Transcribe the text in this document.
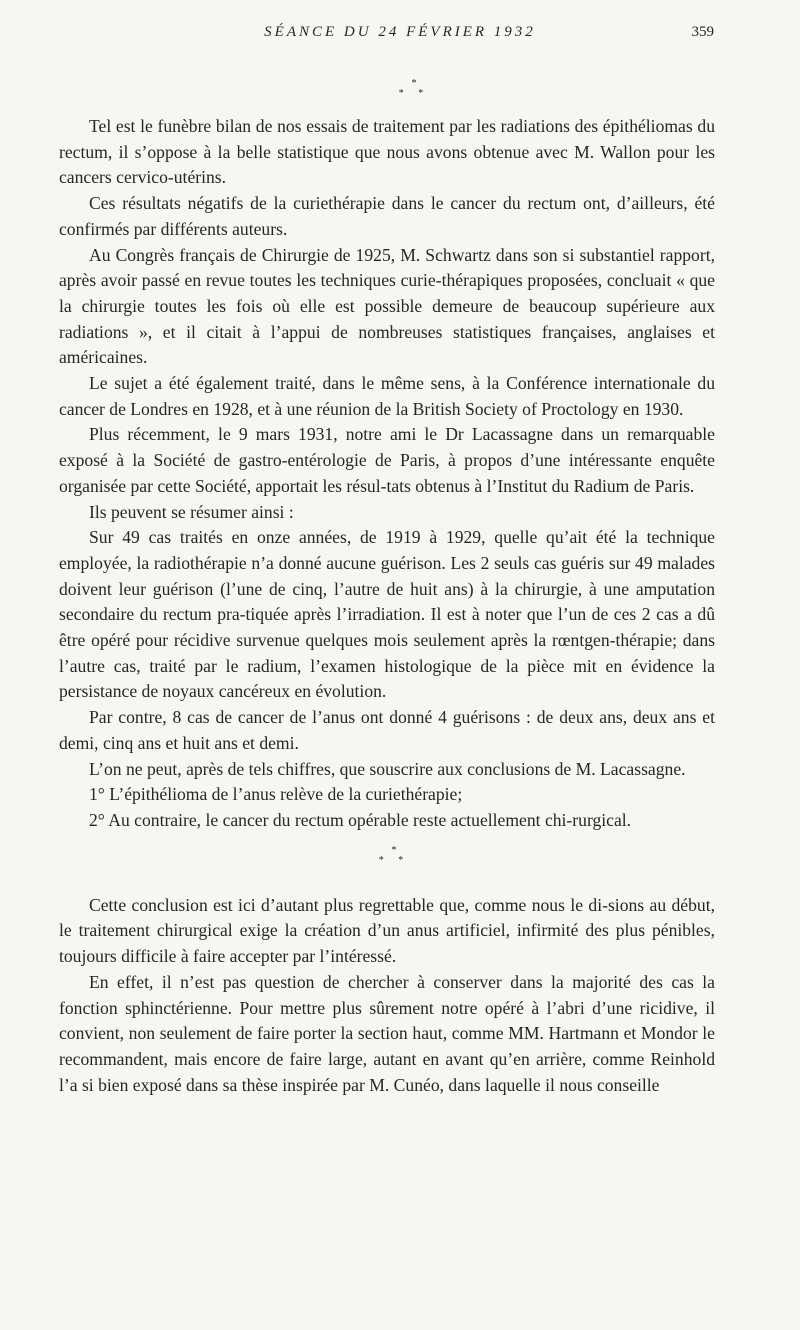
SÉANCE DU 24 FÉVRIER 1932	359
*
* *

Tel est le funèbre bilan de nos essais de traitement par les radiations des épithéliomas du rectum, il s’oppose à la belle statistique que nous avons obtenue avec M. Wallon pour les cancers cervico-utérins.

Ces résultats négatifs de la curiethérapie dans le cancer du rectum ont, d’ailleurs, été confirmés par différents auteurs.

Au Congrès français de Chirurgie de 1925, M. Schwartz dans son si substantiel rapport, après avoir passé en revue toutes les techniques curie-thérapiques proposées, concluait « que la chirurgie toutes les fois où elle est possible demeure de beaucoup supérieure aux radiations », et il citait à l’appui de nombreuses statistiques françaises, anglaises et américaines.

Le sujet a été également traité, dans le même sens, à la Conférence internationale du cancer de Londres en 1928, et à une réunion de la British Society of Proctology en 1930.

Plus récemment, le 9 mars 1931, notre ami le Dr Lacassagne dans un remarquable exposé à la Société de gastro-entérologie de Paris, à propos d’une intéressante enquête organisée par cette Société, apportait les résul-tats obtenus à l’Institut du Radium de Paris.

Ils peuvent se résumer ainsi :

Sur 49 cas traités en onze années, de 1919 à 1929, quelle qu’ait été la technique employée, la radiothérapie n’a donné aucune guérison. Les 2 seuls cas guéris sur 49 malades doivent leur guérison (l’une de cinq, l’autre de huit ans) à la chirurgie, à une amputation secondaire du rectum pra-tiquée après l’irradiation. Il est à noter que l’un de ces 2 cas a dû être opéré pour récidive survenue quelques mois seulement après la rœntgen-thérapie; dans l’autre cas, traité par le radium, l’examen histologique de la pièce mit en évidence la persistance de noyaux cancéreux en évolution.

Par contre, 8 cas de cancer de l’anus ont donné 4 guérisons : de deux ans, deux ans et demi, cinq ans et huit ans et demi.

L’on ne peut, après de tels chiffres, que souscrire aux conclusions de M. Lacassagne.

1° L’épithélioma de l’anus relève de la curiethérapie;

2° Au contraire, le cancer du rectum opérable reste actuellement chi-rurgical.

*
* *

Cette conclusion est ici d’autant plus regrettable que, comme nous le di-sions au début, le traitement chirurgical exige la création d’un anus artificiel, infirmité des plus pénibles, toujours difficile à faire accepter par l’intéressé.

En effet, il n’est pas question de chercher à conserver dans la majorité des cas la fonction sphinctérienne. Pour mettre plus sûrement notre opéré à l’abri d’une ricidive, il convient, non seulement de faire porter la section haut, comme MM. Hartmann et Mondor le recommandent, mais encore de faire large, autant en avant qu’en arrière, comme Reinhold l’a si bien exposé dans sa thèse inspirée par M. Cunéo, dans laquelle il nous conseille
